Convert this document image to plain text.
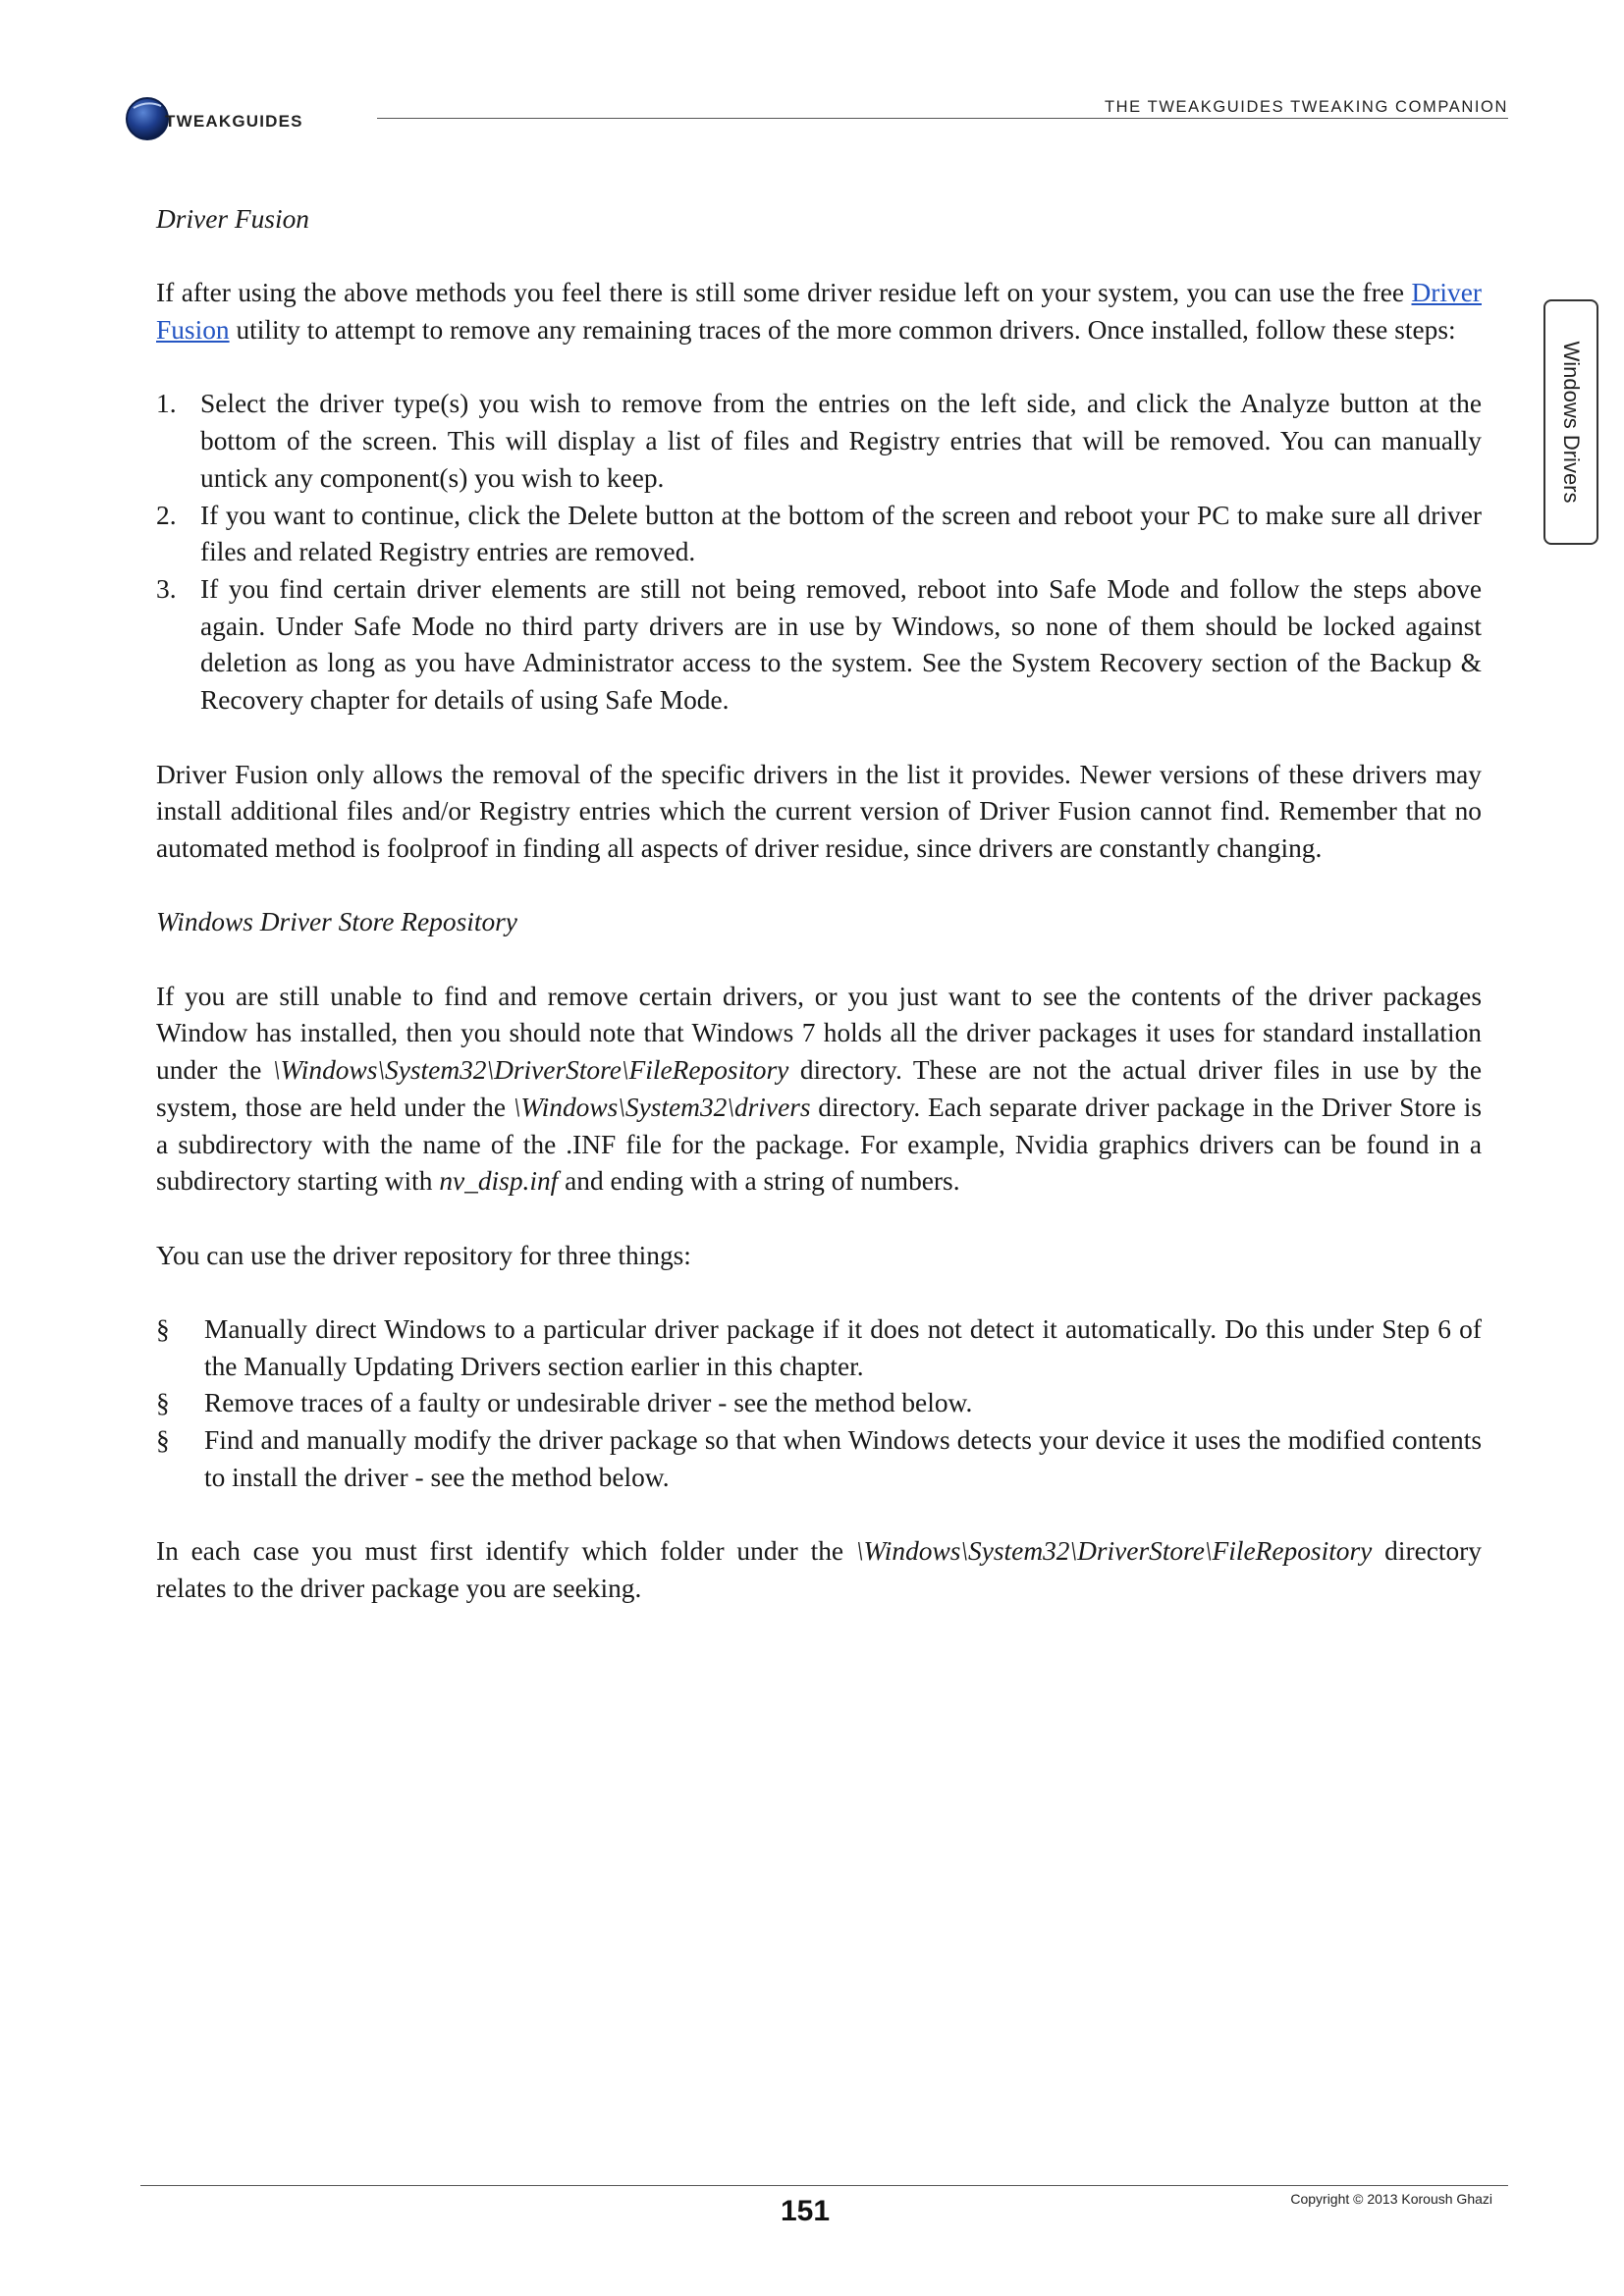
TWEAKGUIDES
THE TWEAKGUIDES TWEAKING COMPANION
Windows Drivers

Driver Fusion

If after using the above methods you feel there is still some driver residue left on your system, you can use the free Driver Fusion utility to attempt to remove any remaining traces of the more common drivers. Once installed, follow these steps:

1. Select the driver type(s) you wish to remove from the entries on the left side, and click the Analyze button at the bottom of the screen. This will display a list of files and Registry entries that will be removed. You can manually untick any component(s) you wish to keep.
2. If you want to continue, click the Delete button at the bottom of the screen and reboot your PC to make sure all driver files and related Registry entries are removed.
3. If you find certain driver elements are still not being removed, reboot into Safe Mode and follow the steps above again. Under Safe Mode no third party drivers are in use by Windows, so none of them should be locked against deletion as long as you have Administrator access to the system. See the System Recovery section of the Backup & Recovery chapter for details of using Safe Mode.

Driver Fusion only allows the removal of the specific drivers in the list it provides. Newer versions of these drivers may install additional files and/or Registry entries which the current version of Driver Fusion cannot find. Remember that no automated method is foolproof in finding all aspects of driver residue, since drivers are constantly changing.

Windows Driver Store Repository

If you are still unable to find and remove certain drivers, or you just want to see the contents of the driver packages Window has installed, then you should note that Windows 7 holds all the driver packages it uses for standard installation under the \Windows\System32\DriverStore\FileRepository directory. These are not the actual driver files in use by the system, those are held under the \Windows\System32\drivers directory. Each separate driver package in the Driver Store is a subdirectory with the name of the .INF file for the package. For example, Nvidia graphics drivers can be found in a subdirectory starting with nv_disp.inf and ending with a string of numbers.

You can use the driver repository for three things:

§ Manually direct Windows to a particular driver package if it does not detect it automatically. Do this under Step 6 of the Manually Updating Drivers section earlier in this chapter.
§ Remove traces of a faulty or undesirable driver - see the method below.
§ Find and manually modify the driver package so that when Windows detects your device it uses the modified contents to install the driver - see the method below.

In each case you must first identify which folder under the \Windows\System32\DriverStore\FileRepository directory relates to the driver package you are seeking.

151	Copyright © 2013 Koroush Ghazi
